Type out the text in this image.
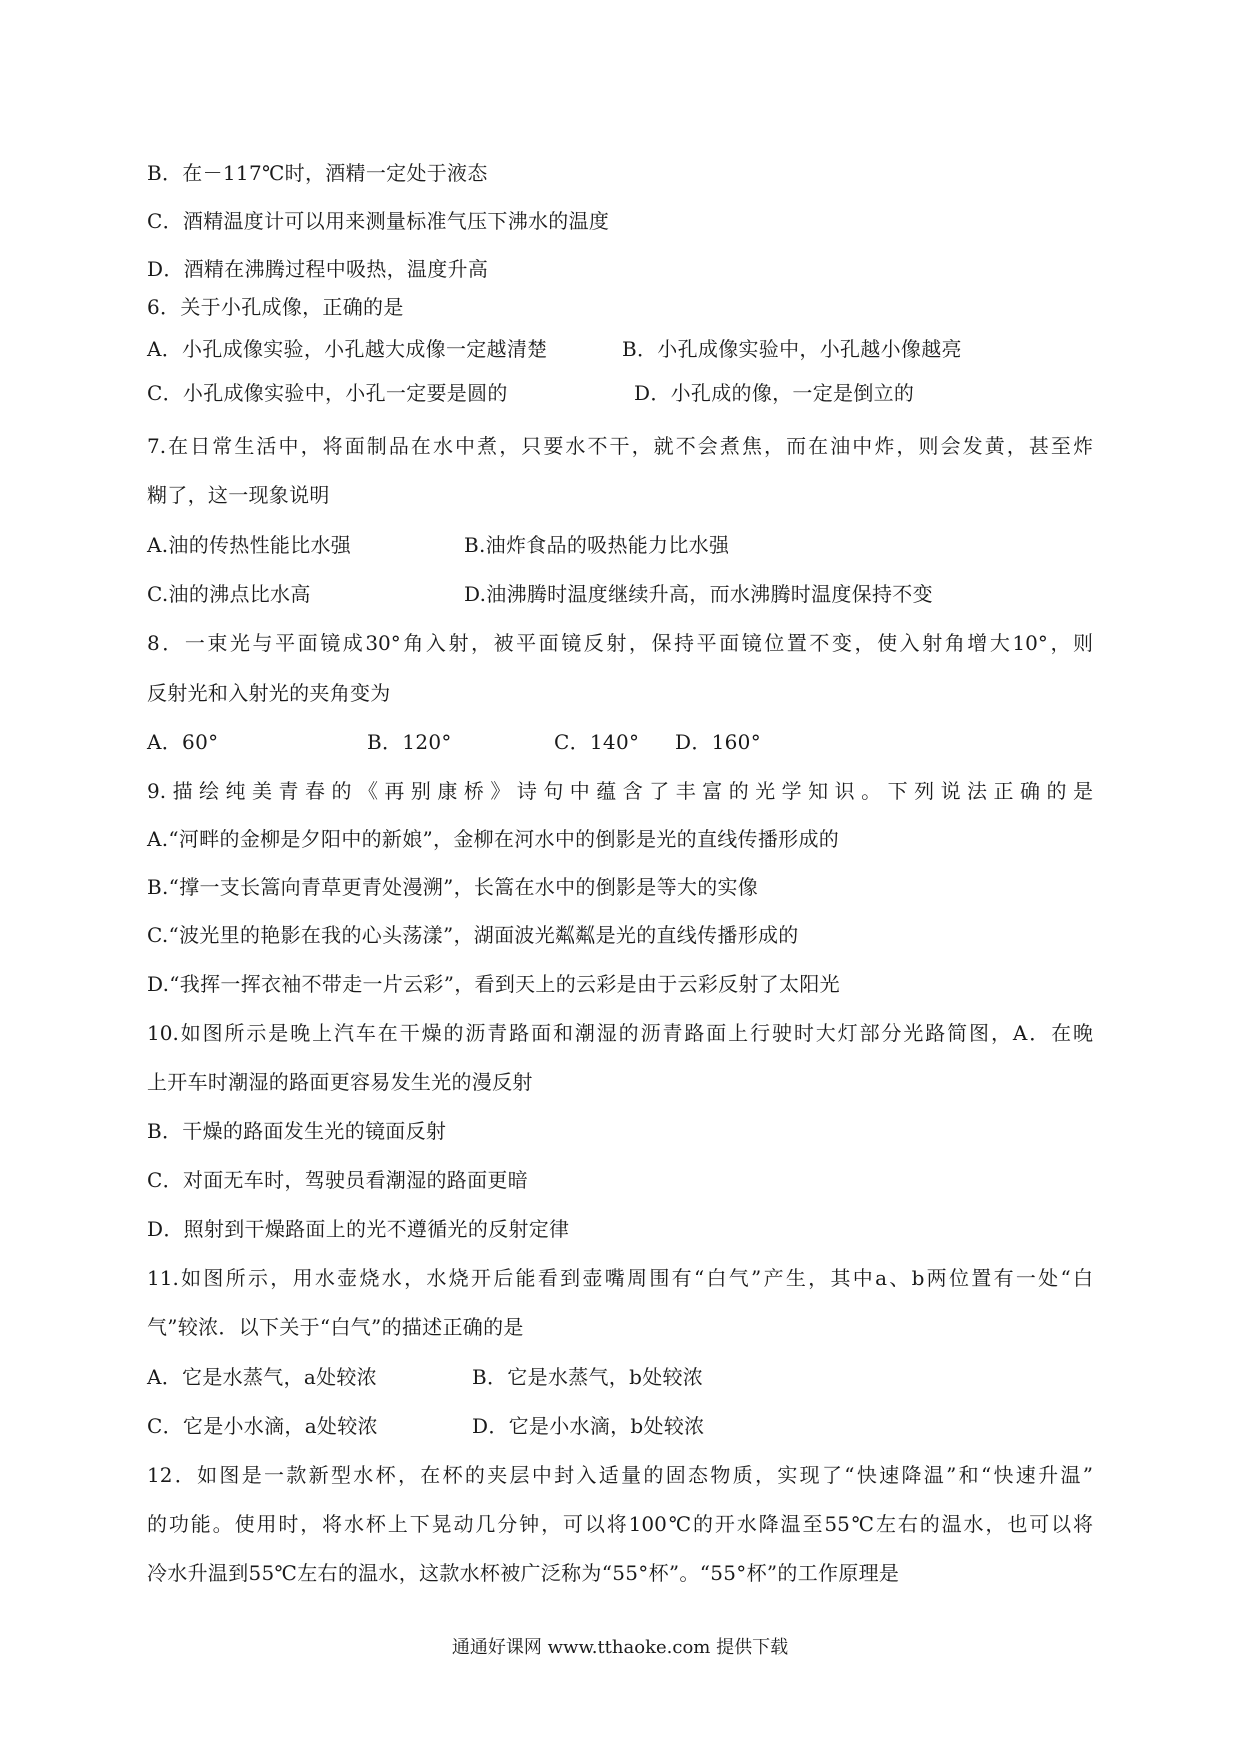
B．在－117℃时，酒精一定处于液态
C．酒精温度计可以用来测量标准气压下沸水的温度
D．酒精在沸腾过程中吸热，温度升高
6．关于小孔成像，正确的是
A．小孔成像实验，小孔越大成像一定越清楚	B．小孔成像实验中，小孔越小像越亮
C．小孔成像实验中，小孔一定要是圆的	D．小孔成的像，一定是倒立的
7.在日常生活中，将面制品在水中煮，只要水不干，就不会煮焦，而在油中炸，则会发黄，甚至炸
糊了，这一现象说明
A.油的传热性能比水强	B.油炸食品的吸热能力比水强
C.油的沸点比水高	D.油沸腾时温度继续升高，而水沸腾时温度保持不变
8．一束光与平面镜成30°角入射，被平面镜反射，保持平面镜位置不变，使入射角增大10°，则
反射光和入射光的夹角变为
A．60°	B．120°	C．140° D．160°
9.描绘纯美青春的《再别康桥》诗句中蕴含了丰富的光学知识。下列说法正确的是
A.“河畔的金柳是夕阳中的新娘”，金柳在河水中的倒影是光的直线传播形成的
B.“撑一支长篙向青草更青处漫溯”，长篙在水中的倒影是等大的实像
C.“波光里的艳影在我的心头荡漾”，湖面波光粼粼是光的直线传播形成的
D.“我挥一挥衣袖不带走一片云彩”，看到天上的云彩是由于云彩反射了太阳光
10.如图所示是晚上汽车在干燥的沥青路面和潮湿的沥青路面上行驶时大灯部分光路简图，A．在晚
上开车时潮湿的路面更容易发生光的漫反射
B．干燥的路面发生光的镜面反射
C．对面无车时，驾驶员看潮湿的路面更暗
D．照射到干燥路面上的光不遵循光的反射定律
11.如图所示，用水壶烧水，水烧开后能看到壶嘴周围有“白气”产生，其中a、b两位置有一处“白
气”较浓．以下关于“白气”的描述正确的是
A．它是水蒸气，a处较浓	B．它是水蒸气，b处较浓
C．它是小水滴，a处较浓	D．它是小水滴，b处较浓
12．如图是一款新型水杯，在杯的夹层中封入适量的固态物质，实现了“快速降温”和“快速升温”
的功能。使用时，将水杯上下晃动几分钟，可以将100℃的开水降温至55℃左右的温水，也可以将
冷水升温到55℃左右的温水，这款水杯被广泛称为“55°杯”。“55°杯”的工作原理是
通通好课网 www.tthaoke.com 提供下载
